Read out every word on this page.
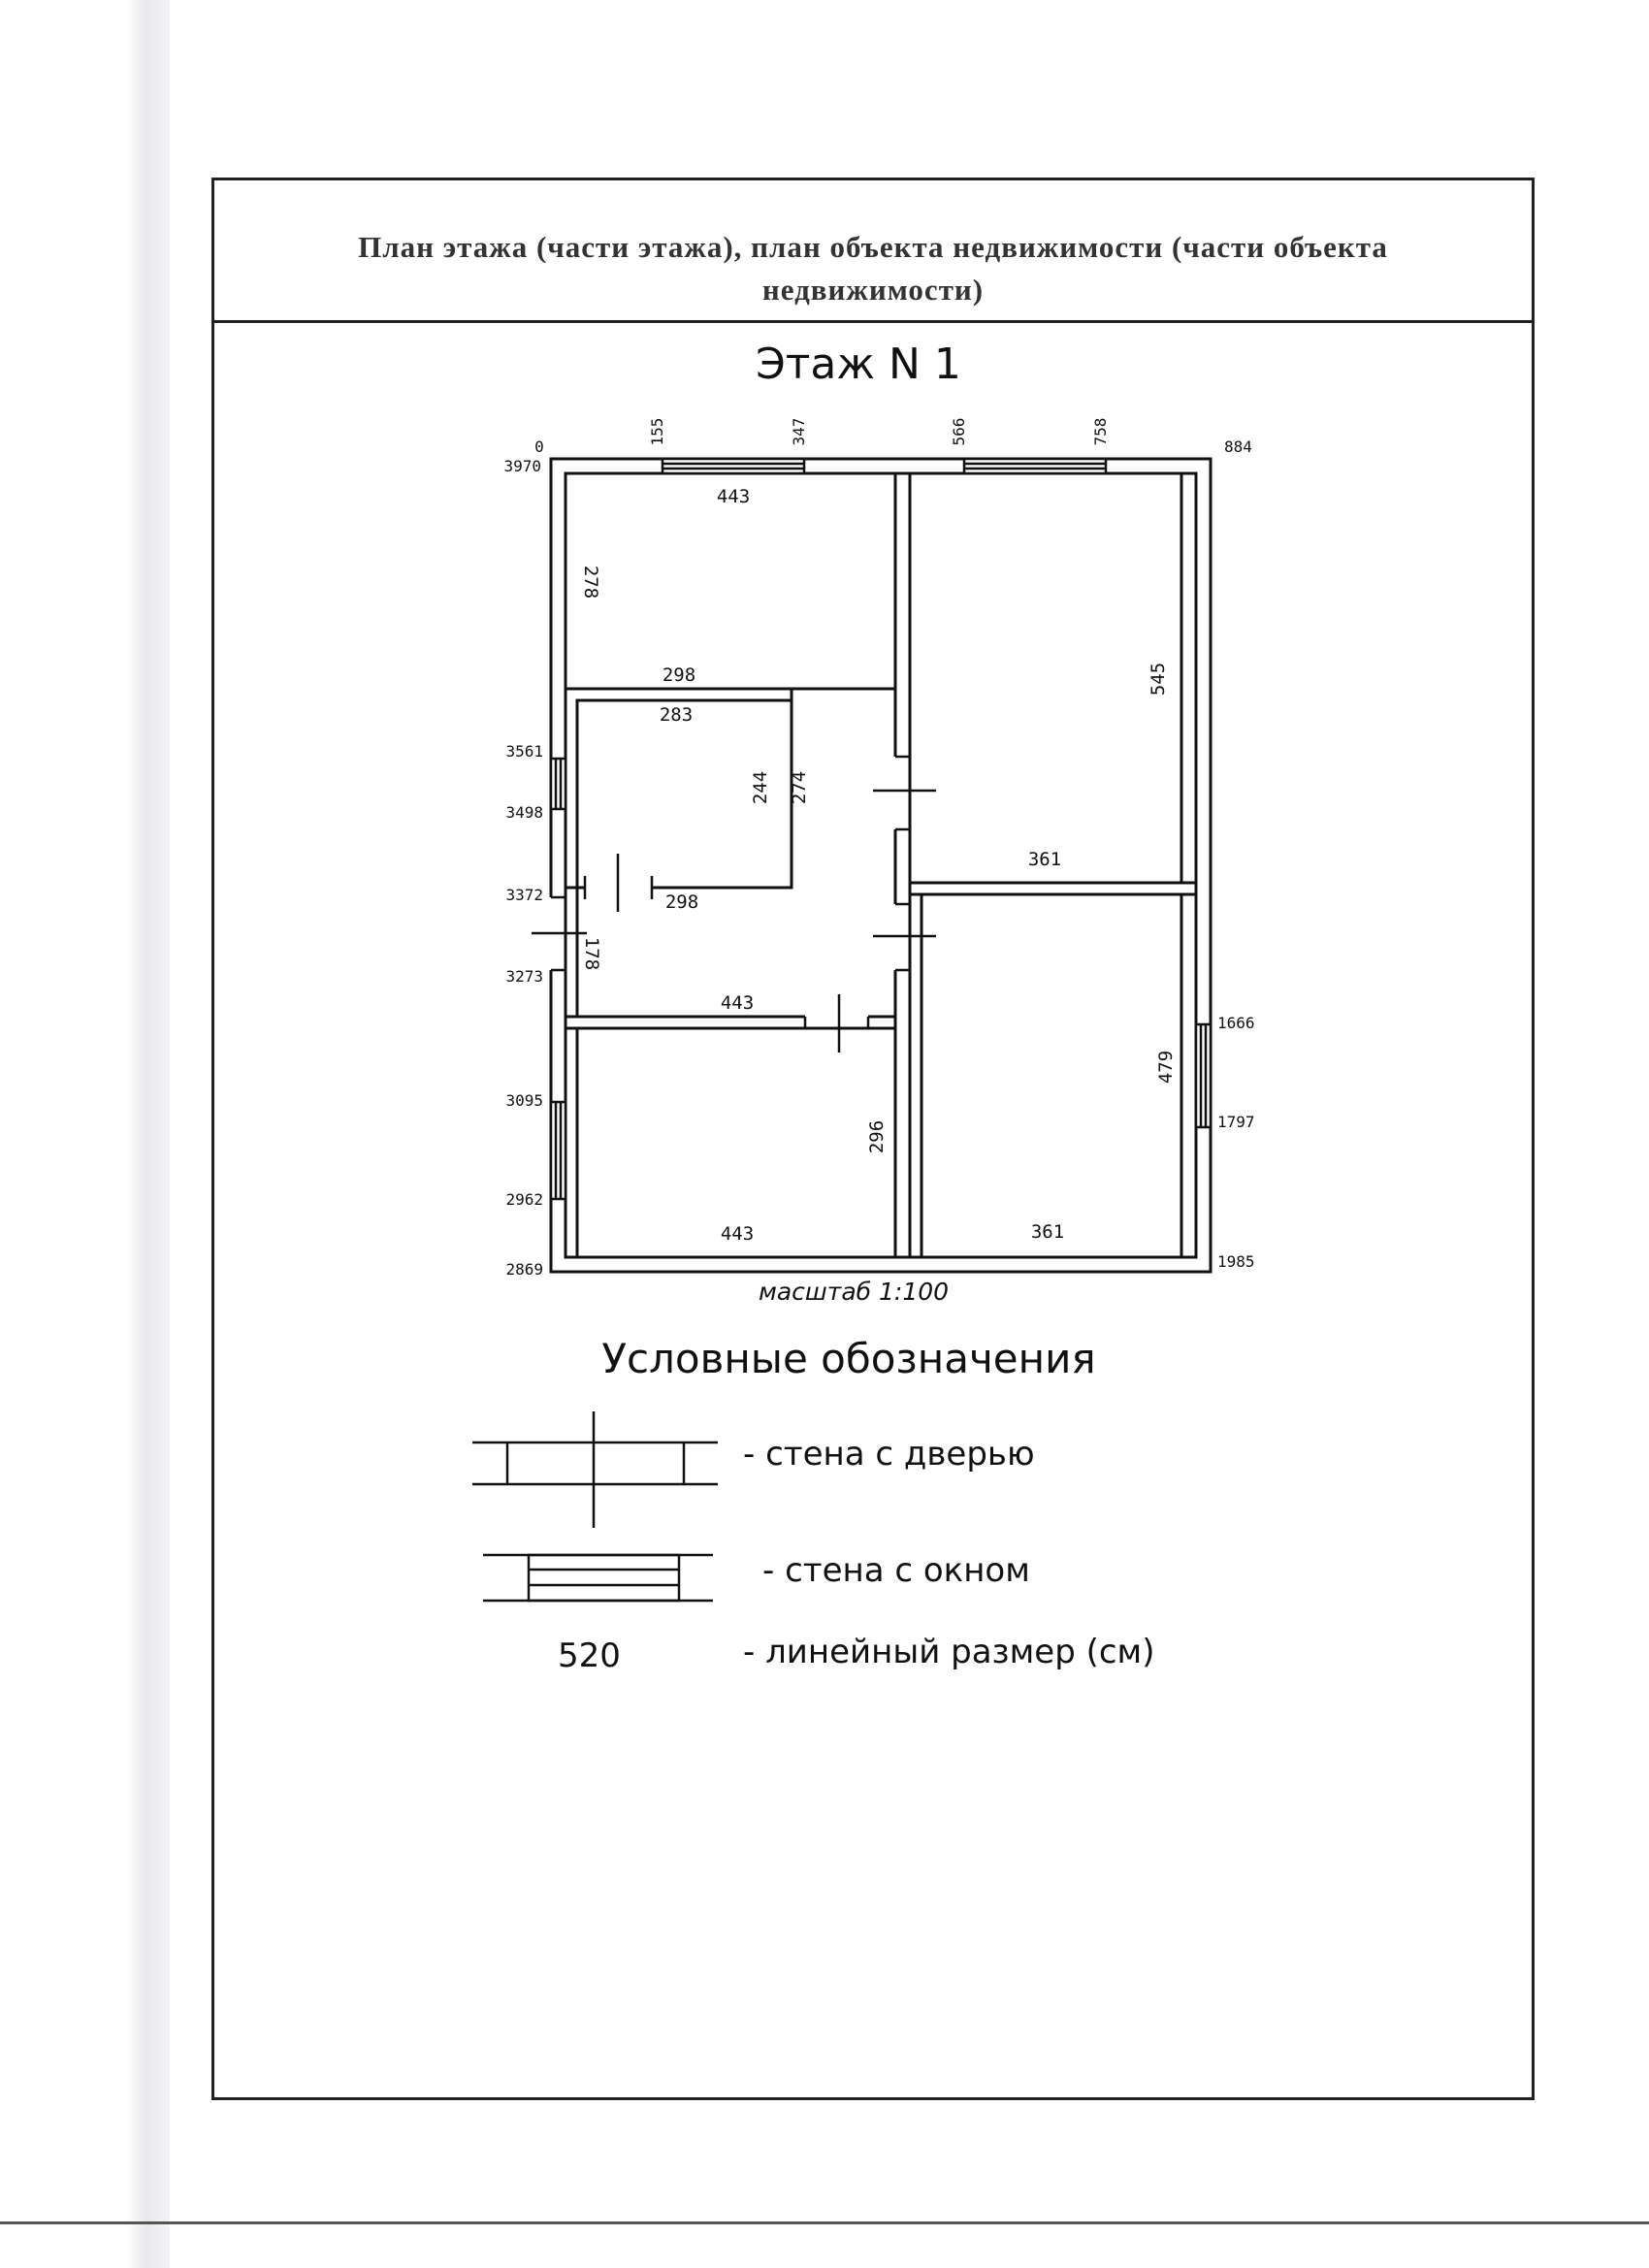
План этажа (части этажа), план объекта недвижимости (части объекта недвижимости)
Этаж N 1
0
155	347	566	758
884
3970
3561
3498
3372
3273
3095
2962
2869
1666
1797
1985
443
278
298
283
244 274
298
178
443
545
361
479
361
296
443
масштаб 1:100
Условные обозначения
- стена с дверью
- стена с окном
520	- линейный размер (см)
